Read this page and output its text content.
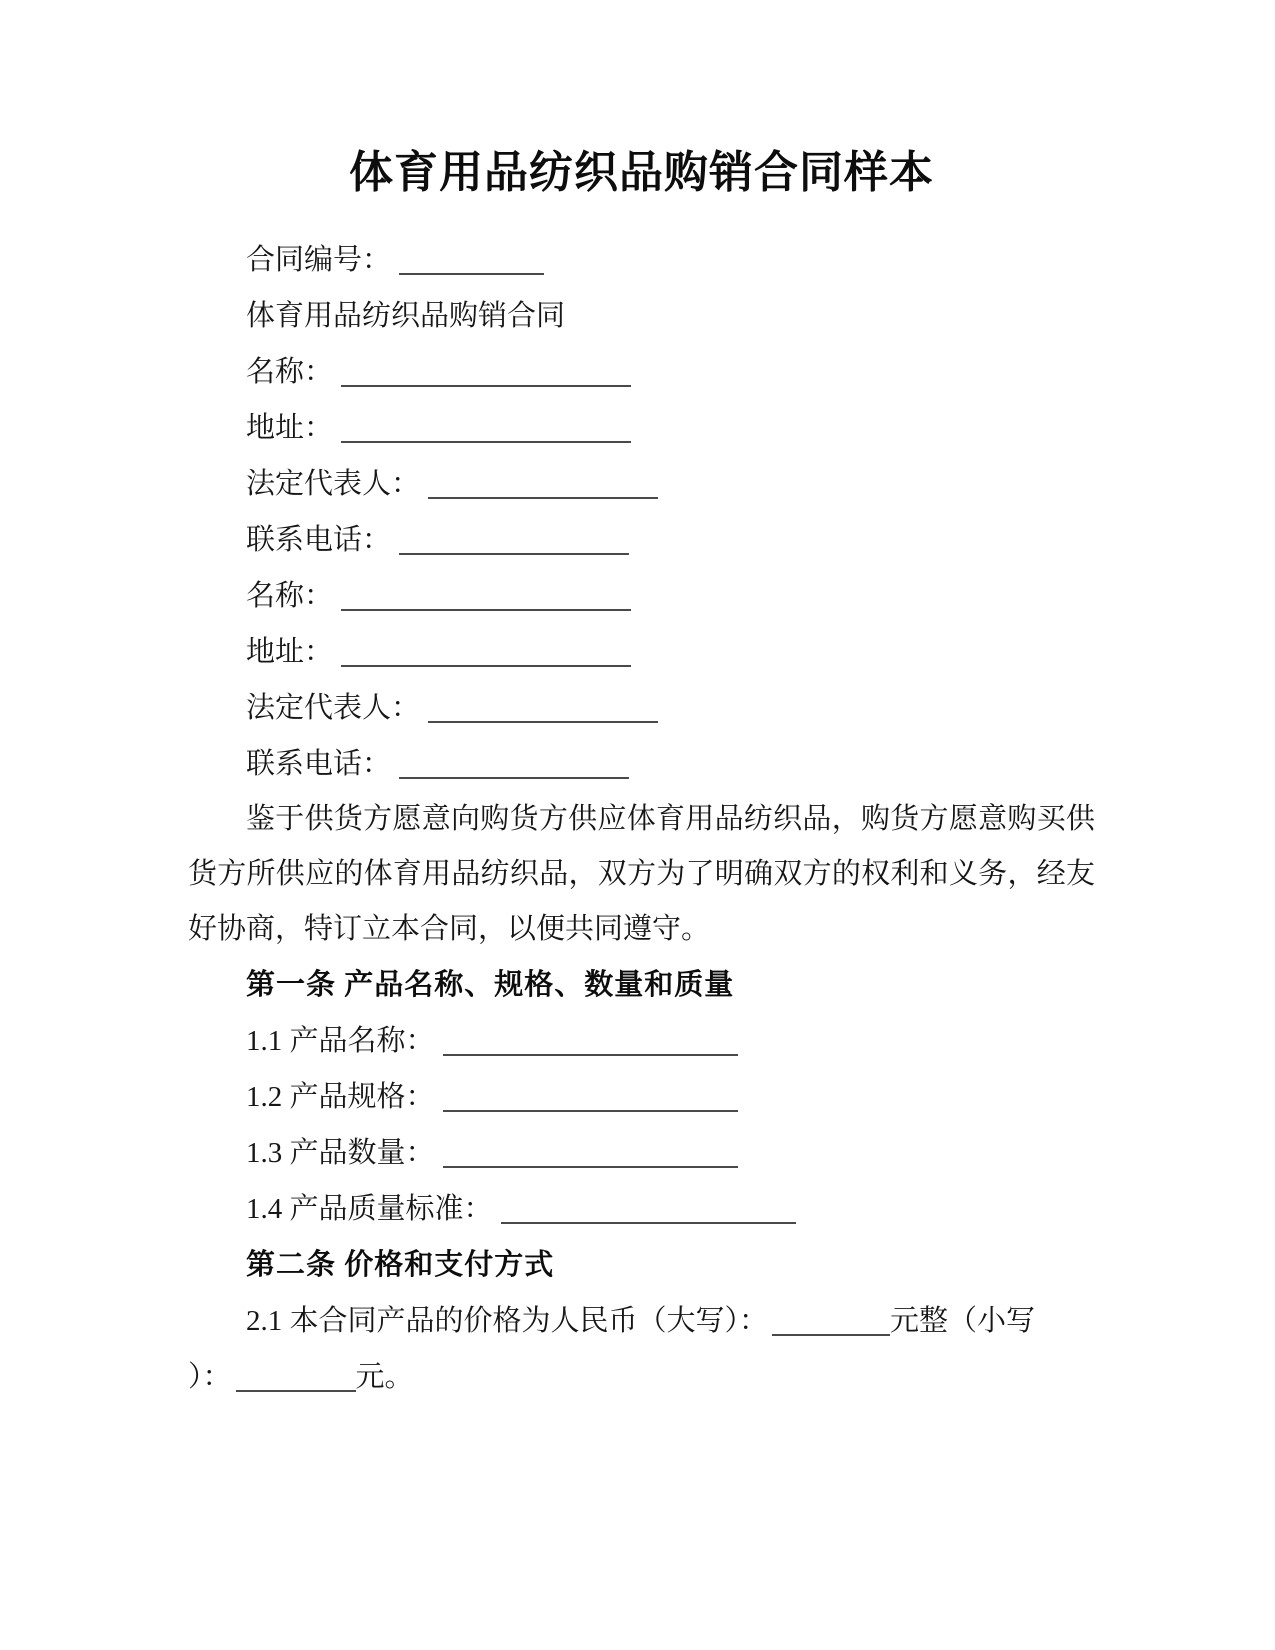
体育用品纺织品购销合同样本

合同编号：

体育用品纺织品购销合同

名称：

地址：

法定代表人：

联系电话：

名称：

地址：

法定代表人：

联系电话：

鉴于供货方愿意向购货方供应体育用品纺织品，购货方愿意购买供货方所供应的体育用品纺织品，双方为了明确双方的权利和义务，经友好协商，特订立本合同，以便共同遵守。

第一条 产品名称、规格、数量和质量

1.1 产品名称：

1.2 产品规格：

1.3 产品数量：

1.4 产品质量标准：

第二条 价格和支付方式

2.1 本合同产品的价格为人民币（大写）：	元整（小写

）：	元。
